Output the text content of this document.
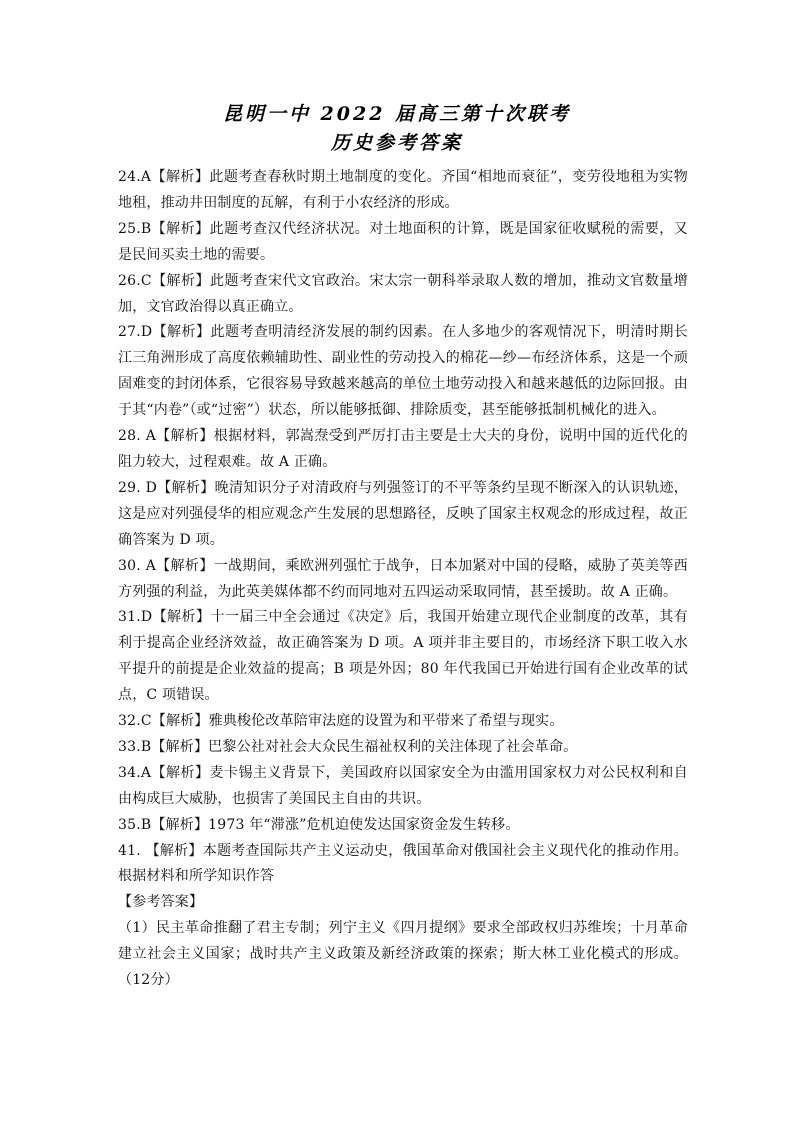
昆明一中 2022 届高三第十次联考
历史参考答案

24.A【解析】此题考查春秋时期土地制度的变化。齐国“相地而衰征”，变劳役地租为实物地租，推动井田制度的瓦解，有利于小农经济的形成。

25.B【解析】此题考查汉代经济状况。对土地面积的计算，既是国家征收赋税的需要，又是民间买卖土地的需要。

26.C【解析】此题考查宋代文官政治。宋太宗一朝科举录取人数的增加，推动文官数量增加，文官政治得以真正确立。

27.D【解析】此题考查明清经济发展的制约因素。在人多地少的客观情况下，明清时期长江三角洲形成了高度依赖辅助性、副业性的劳动投入的棉花—纱—布经济体系，这是一个顽固难变的封闭体系，它很容易导致越来越高的单位土地劳动投入和越来越低的边际回报。由于其“内卷”（或“过密”）状态，所以能够抵御、排除质变，甚至能够抵制机械化的进入。

28. A【解析】根据材料，郭嵩焘受到严厉打击主要是士大夫的身份，说明中国的近代化的阻力较大，过程艰难。故 A 正确。

29. D【解析】晚清知识分子对清政府与列强签订的不平等条约呈现不断深入的认识轨迹，这是应对列强侵华的相应观念产生发展的思想路径，反映了国家主权观念的形成过程，故正确答案为 D 项。

30. A【解析】一战期间，乘欧洲列强忙于战争，日本加紧对中国的侵略，威胁了英美等西方列强的利益，为此英美媒体都不约而同地对五四运动采取同情，甚至援助。故 A 正确。

31.D【解析】十一届三中全会通过《决定》后，我国开始建立现代企业制度的改革，其有利于提高企业经济效益，故正确答案为 D 项。A 项并非主要目的，市场经济下职工收入水平提升的前提是企业效益的提高；B 项是外因；80 年代我国已开始进行国有企业改革的试点，C 项错误。

32.C【解析】雅典梭伦改革陪审法庭的设置为和平带来了希望与现实。

33.B【解析】巴黎公社对社会大众民生福祉权利的关注体现了社会革命。

34.A【解析】麦卡锡主义背景下，美国政府以国家安全为由滥用国家权力对公民权利和自由构成巨大威胁，也损害了美国民主自由的共识。

35.B【解析】1973 年“滞涨”危机迫使发达国家资金发生转移。

41. 【解析】本题考查国际共产主义运动史，俄国革命对俄国社会主义现代化的推动作用。根据材料和所学知识作答

【参考答案】

（1）民主革命推翻了君主专制；列宁主义《四月提纲》要求全部政权归苏维埃；十月革命建立社会主义国家；战时共产主义政策及新经济政策的探索；斯大林工业化模式的形成。（12分）
